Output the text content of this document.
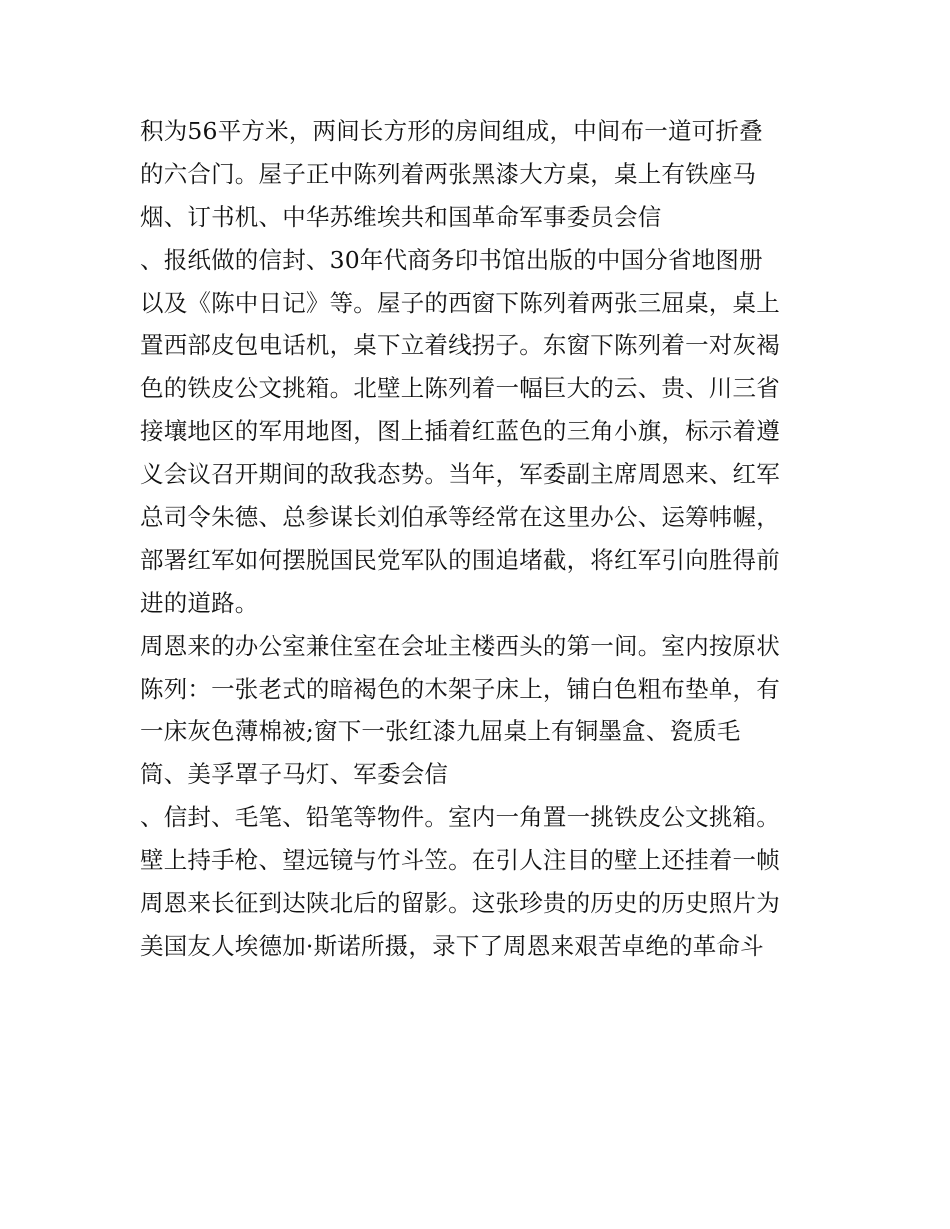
积为56平方米，两间长方形的房间组成，中间布一道可折叠
的六合门。屋子正中陈列着两张黑漆大方桌，桌上有铁座马
烟、订书机、中华苏维埃共和国革命军事委员会信
、报纸做的信封、30年代商务印书馆出版的中国分省地图册
以及《陈中日记》等。屋子的西窗下陈列着两张三屈桌，桌上
置西部皮包电话机，桌下立着线拐子。东窗下陈列着一对灰褐
色的铁皮公文挑箱。北壁上陈列着一幅巨大的云、贵、川三省
接壤地区的军用地图，图上插着红蓝色的三角小旗，标示着遵
义会议召开期间的敌我态势。当年，军委副主席周恩来、红军
总司令朱德、总参谋长刘伯承等经常在这里办公、运筹帏幄，
部署红军如何摆脱国民党军队的围追堵截，将红军引向胜得前
进的道路。
周恩来的办公室兼住室在会址主楼西头的第一间。室内按原状
陈列：一张老式的暗褐色的木架子床上，铺白色粗布垫单，有
一床灰色薄棉被;窗下一张红漆九屈桌上有铜墨盒、瓷质毛
筒、美孚罩子马灯、军委会信
、信封、毛笔、铅笔等物件。室内一角置一挑铁皮公文挑箱。
壁上持手枪、望远镜与竹斗笠。在引人注目的壁上还挂着一帧
周恩来长征到达陕北后的留影。这张珍贵的历史的历史照片为
美国友人埃德加·斯诺所摄，录下了周恩来艰苦卓绝的革命斗
